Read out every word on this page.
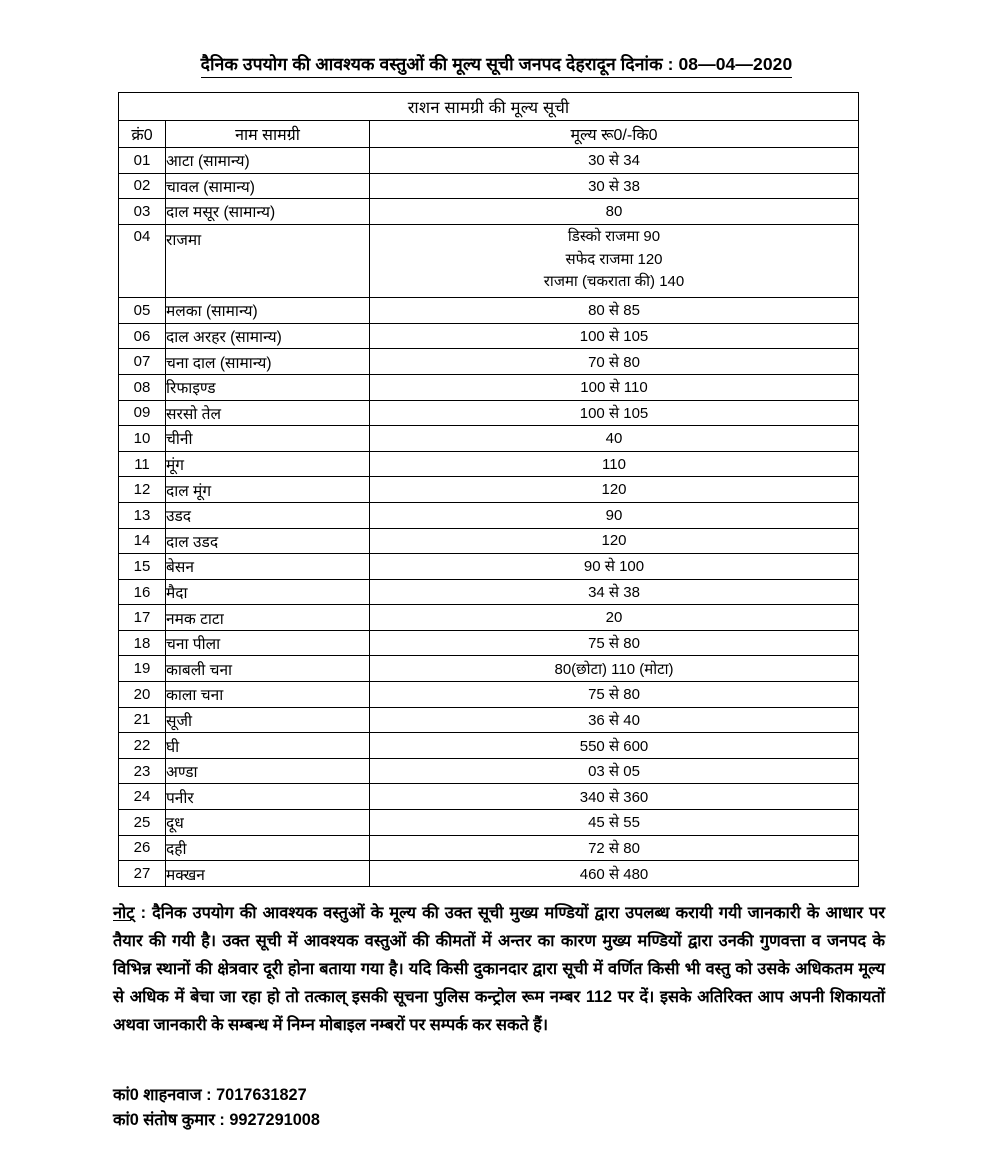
दैनिक उपयोग की आवश्यक वस्तुओं की मूल्य सूची जनपद देहरादून दिनांक : 08—04—2020
राशन सामग्री की मूल्य सूची		
क्रं0	नाम सामग्री	मूल्य रू0/-कि0
01	आटा (सामान्य)	30 से 34
02	चावल (सामान्य)	30 से 38
03	दाल मसूर (सामान्य)	80
04	राजमा	डिस्को राजमा 90
सफेद राजमा 120
राजमा (चकराता की) 140

05	मलका (सामान्य)	80 से 85
06	दाल अरहर (सामान्य)	100 से 105
07	चना दाल (सामान्य)	70 से 80
08	रिफाइण्ड	100 से 110
09	सरसो तेल	100 से 105
10	चीनी	40
11	मूंग	110
12	दाल मूंग	120
13	उडद	90
14	दाल उडद	120
15	बेसन	90 से 100
16	मैदा	34 से 38
17	नमक टाटा	20
18	चना पीला	75 से 80
19	काबली चना	80(छोटा) 110 (मोटा)
20	काला चना	75 से 80
21	सूजी	36 से 40
22	घी	550 से 600
23	अण्डा	03 से 05
24	पनीर	340 से 360
25	दूध	45 से 55
26	दही	72 से 80
27	मक्खन	460 से 480
नोट् : दैनिक उपयोग की आवश्यक वस्तुओं के मूल्य की उक्त सूची मुख्य मण्डियों द्वारा उपलब्ध करायी गयी जानकारी के आधार पर तैयार की गयी है। उक्त सूची में आवश्यक वस्तुओं की कीमतों में अन्तर का कारण मुख्य मण्डियों द्वारा उनकी गुणवत्ता व जनपद के विभिन्न स्थानों की क्षेत्रवार दूरी होना बताया गया है। यदि किसी दुकानदार द्वारा सूची में वर्णित किसी भी वस्तु को उसके अधिकतम मूल्य से अधिक में बेचा जा रहा हो तो तत्काल् इसकी सूचना पुलिस कन्ट्रोल रूम नम्बर 112 पर दें। इसके अतिरिक्त आप अपनी शिकायतों अथवा जानकारी के सम्बन्ध में निम्न मोबाइल नम्बरों पर सम्पर्क कर सकते हैं।
कां0 शाहनवाज : 7017631827
कां0 संतोष कुमार : 9927291008
